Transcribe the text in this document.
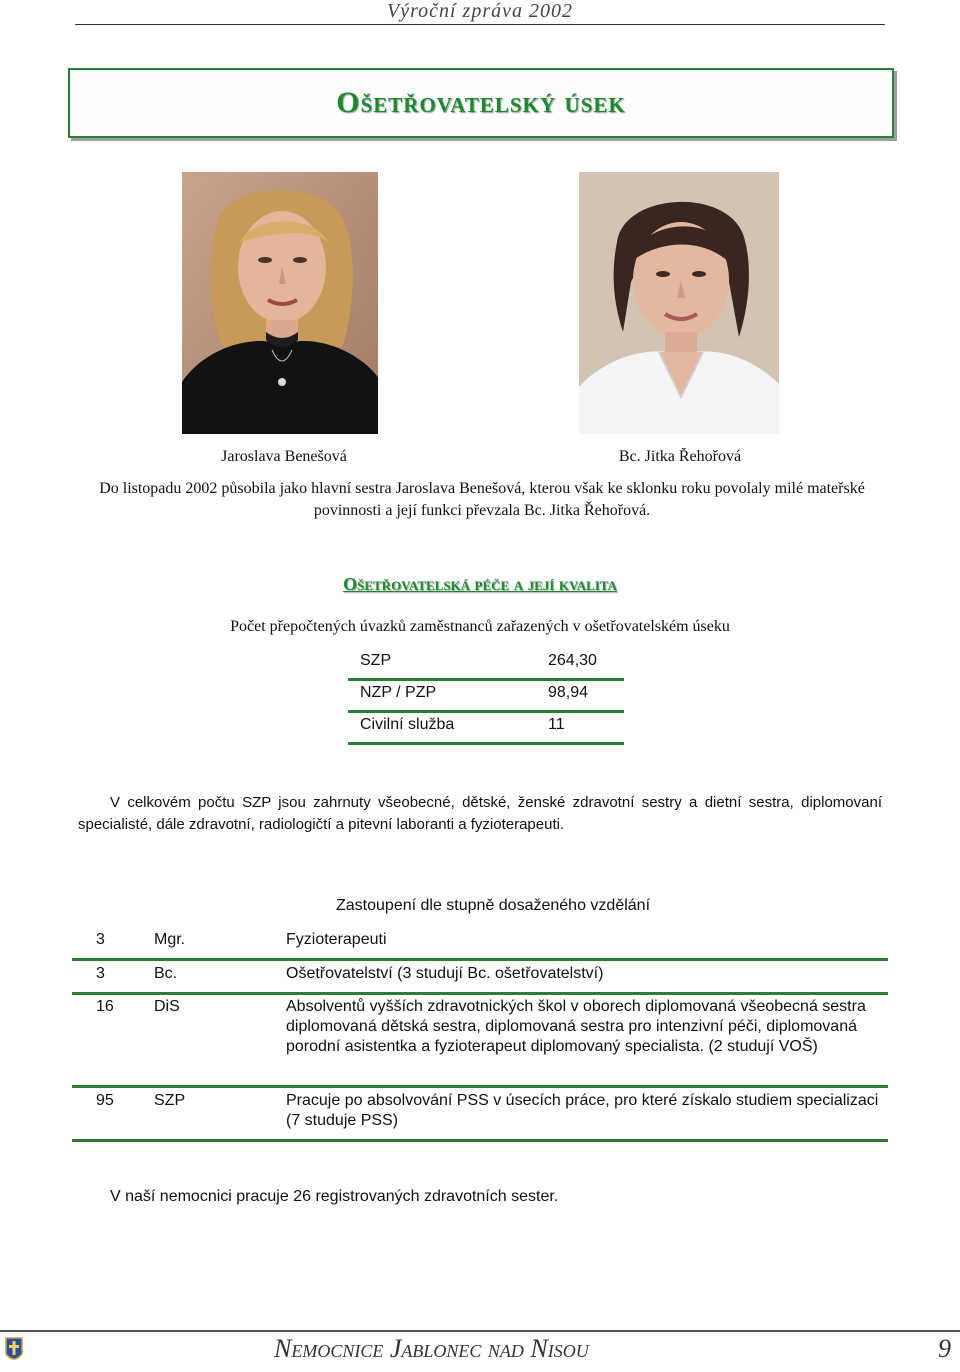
Výroční zpráva 2002
Ošetřovatelský úsek
Jaroslava Benešová	Bc. Jitka Řehořová
Do listopadu 2002 působila jako hlavní sestra Jaroslava Benešová, kterou však ke sklonku roku povolaly milé mateřské povinnosti a její funkci převzala Bc. Jitka Řehořová.
Ošetřovatelská péče a její kvalita
Počet přepočtených úvazků zaměstnanců zařazených v ošetřovatelském úseku
SZP	264,30
NZP / PZP	98,94
Civilní služba	11
V celkovém počtu SZP jsou zahrnuty všeobecné, dětské, ženské zdravotní sestry a dietní sestra, diplomovaní specialisté, dále zdravotní, radiologičtí a pitevní laboranti a fyzioterapeuti.
Zastoupení dle stupně dosaženého vzdělání
3	Mgr.	Fyzioterapeuti
3	Bc.	Ošetřovatelství (3 studují Bc. ošetřovatelství)
16	DiS	Absolventů vyšších zdravotnických škol v oborech diplomovaná všeobecná sestra diplomovaná dětská sestra, diplomovaná sestra pro intenzivní péči, diplomovaná porodní asistentka a fyzioterapeut diplomovaný specialista. (2 studují VOŠ)
95	SZP	Pracuje po absolvování PSS v úsecích práce, pro které získalo studiem specializaci (7 studuje PSS)
V naší nemocnici pracuje 26 registrovaných zdravotních sester.
Nemocnice Jablonec nad Nisou	9
